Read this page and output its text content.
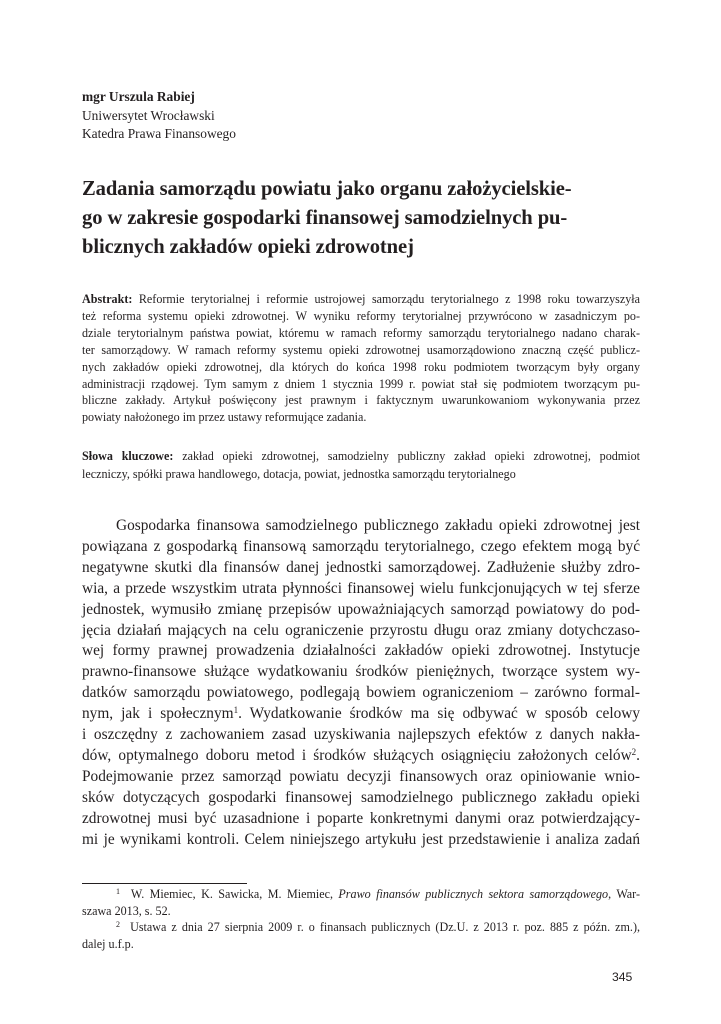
mgr Urszula Rabiej
Uniwersytet Wrocławski
Katedra Prawa Finansowego
Zadania samorządu powiatu jako organu założycielskie-
go w zakresie gospodarki finansowej samodzielnych pu-
blicznych zakładów opieki zdrowotnej
Abstrakt: Reformie terytorialnej i reformie ustrojowej samorządu terytorialnego z 1998 roku towarzyszyła
też reforma systemu opieki zdrowotnej. W wyniku reformy terytorialnej przywrócono w zasadniczym po-
dziale terytorialnym państwa powiat, któremu w ramach reformy samorządu terytorialnego nadano charak-
ter samorządowy. W ramach reformy systemu opieki zdrowotnej usamorządowiono znaczną część publicz-
nych zakładów opieki zdrowotnej, dla których do końca 1998 roku podmiotem tworzącym były organy
administracji rządowej. Tym samym z dniem 1 stycznia 1999 r. powiat stał się podmiotem tworzącym pu-
bliczne zakłady. Artykuł poświęcony jest prawnym i faktycznym uwarunkowaniom wykonywania przez
powiaty nałożonego im przez ustawy reformujące zadania.
Słowa kluczowe: zakład opieki zdrowotnej, samodzielny publiczny zakład opieki zdrowotnej, podmiot
leczniczy, spółki prawa handlowego, dotacja, powiat, jednostka samorządu terytorialnego
Gospodarka finansowa samodzielnego publicznego zakładu opieki zdrowotnej jest
powiązana z gospodarką finansową samorządu terytorialnego, czego efektem mogą być
negatywne skutki dla finansów danej jednostki samorządowej. Zadłużenie służby zdro-
wia, a przede wszystkim utrata płynności finansowej wielu funkcjonujących w tej sferze
jednostek, wymusiło zmianę przepisów upoważniających samorząd powiatowy do pod-
jęcia działań mających na celu ograniczenie przyrostu długu oraz zmiany dotychczaso-
wej formy prawnej prowadzenia działalności zakładów opieki zdrowotnej. Instytucje
prawno-finansowe służące wydatkowaniu środków pieniężnych, tworzące system wy-
datków samorządu powiatowego, podlegają bowiem ograniczeniom – zarówno formal-
nym, jak i społecznym$^1$. Wydatkowanie środków ma się odbywać w sposób celowy
i oszczędny z zachowaniem zasad uzyskiwania najlepszych efektów z danych nakła-
dów, optymalnego doboru metod i środków służących osiągnięciu założonych celów$^2$.
Podejmowanie przez samorząd powiatu decyzji finansowych oraz opiniowanie wnio-
sków dotyczących gospodarki finansowej samodzielnego publicznego zakładu opieki
zdrowotnej musi być uzasadnione i poparte konkretnymi danymi oraz potwierdzający-
mi je wynikami kontroli. Celem niniejszego artykułu jest przedstawienie i analiza zadań
$^1$ W. Miemiec, K. Sawicka, M. Miemiec, Prawo finansów publicznych sektora samorządowego, War-
szawa 2013, s. 52.
$^2$ Ustawa z dnia 27 sierpnia 2009 r. o finansach publicznych (Dz.U. z 2013 r. poz. 885 z późn. zm.),
dalej u.f.p.
345
